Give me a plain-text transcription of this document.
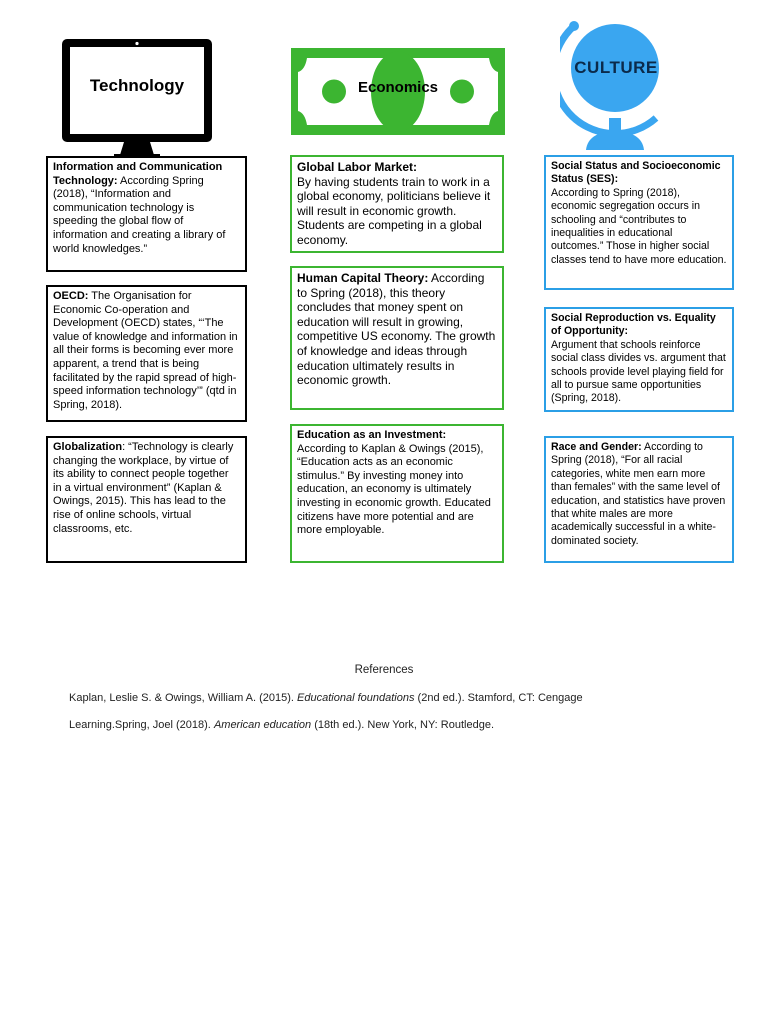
Technology	Economics
CULTURE
Information and Communication Technology: According Spring (2018), “Information and communication technology is speeding the global flow of information and creating a library of world knowledges.”
OECD: The Organisation for Economic Co-operation and Development (OECD) states, “‘The value of knowledge and information in all their forms is becoming ever more apparent, a trend that is being facilitated by the rapid spread of high-speed information technology’” (qtd in Spring, 2018).
Globalization: “Technology is clearly changing the workplace, by virtue of its ability to connect people together in a virtual environment” (Kaplan & Owings, 2015). This has lead to the rise of online schools, virtual classrooms, etc.
Global Labor Market:
By having students train to work in a global economy, politicians believe it will result in economic growth. Students are competing in a global economy.
Human Capital Theory: According to Spring (2018), this theory concludes that money spent on education will result in growing, competitive US economy. The growth of knowledge and ideas through education ultimately results in economic growth.
Education as an Investment:
According to Kaplan & Owings (2015), “Education acts as an economic stimulus.” By investing money into education, an economy is ultimately investing in economic growth. Educated citizens have more potential and are more employable.
Social Status and Socioeconomic Status (SES):
According to Spring (2018), economic segregation occurs in schooling and “contributes to inequalities in educational outcomes.” Those in higher social classes tend to have more education.
Social Reproduction vs. Equality of Opportunity:
Argument that schools reinforce social class divides vs. argument that schools provide level playing field for all to pursue same opportunities (Spring, 2018).
Race and Gender: According to Spring (2018), “For all racial categories, white men earn more than females” with the same level of education, and statistics have proven that white males are more academically successful in a white-dominated society.
References
Kaplan, Leslie S. & Owings, William A. (2015). Educational foundations (2nd ed.). Stamford, CT: Cengage
Learning.Spring, Joel (2018). American education (18th ed.). New York, NY: Routledge.
